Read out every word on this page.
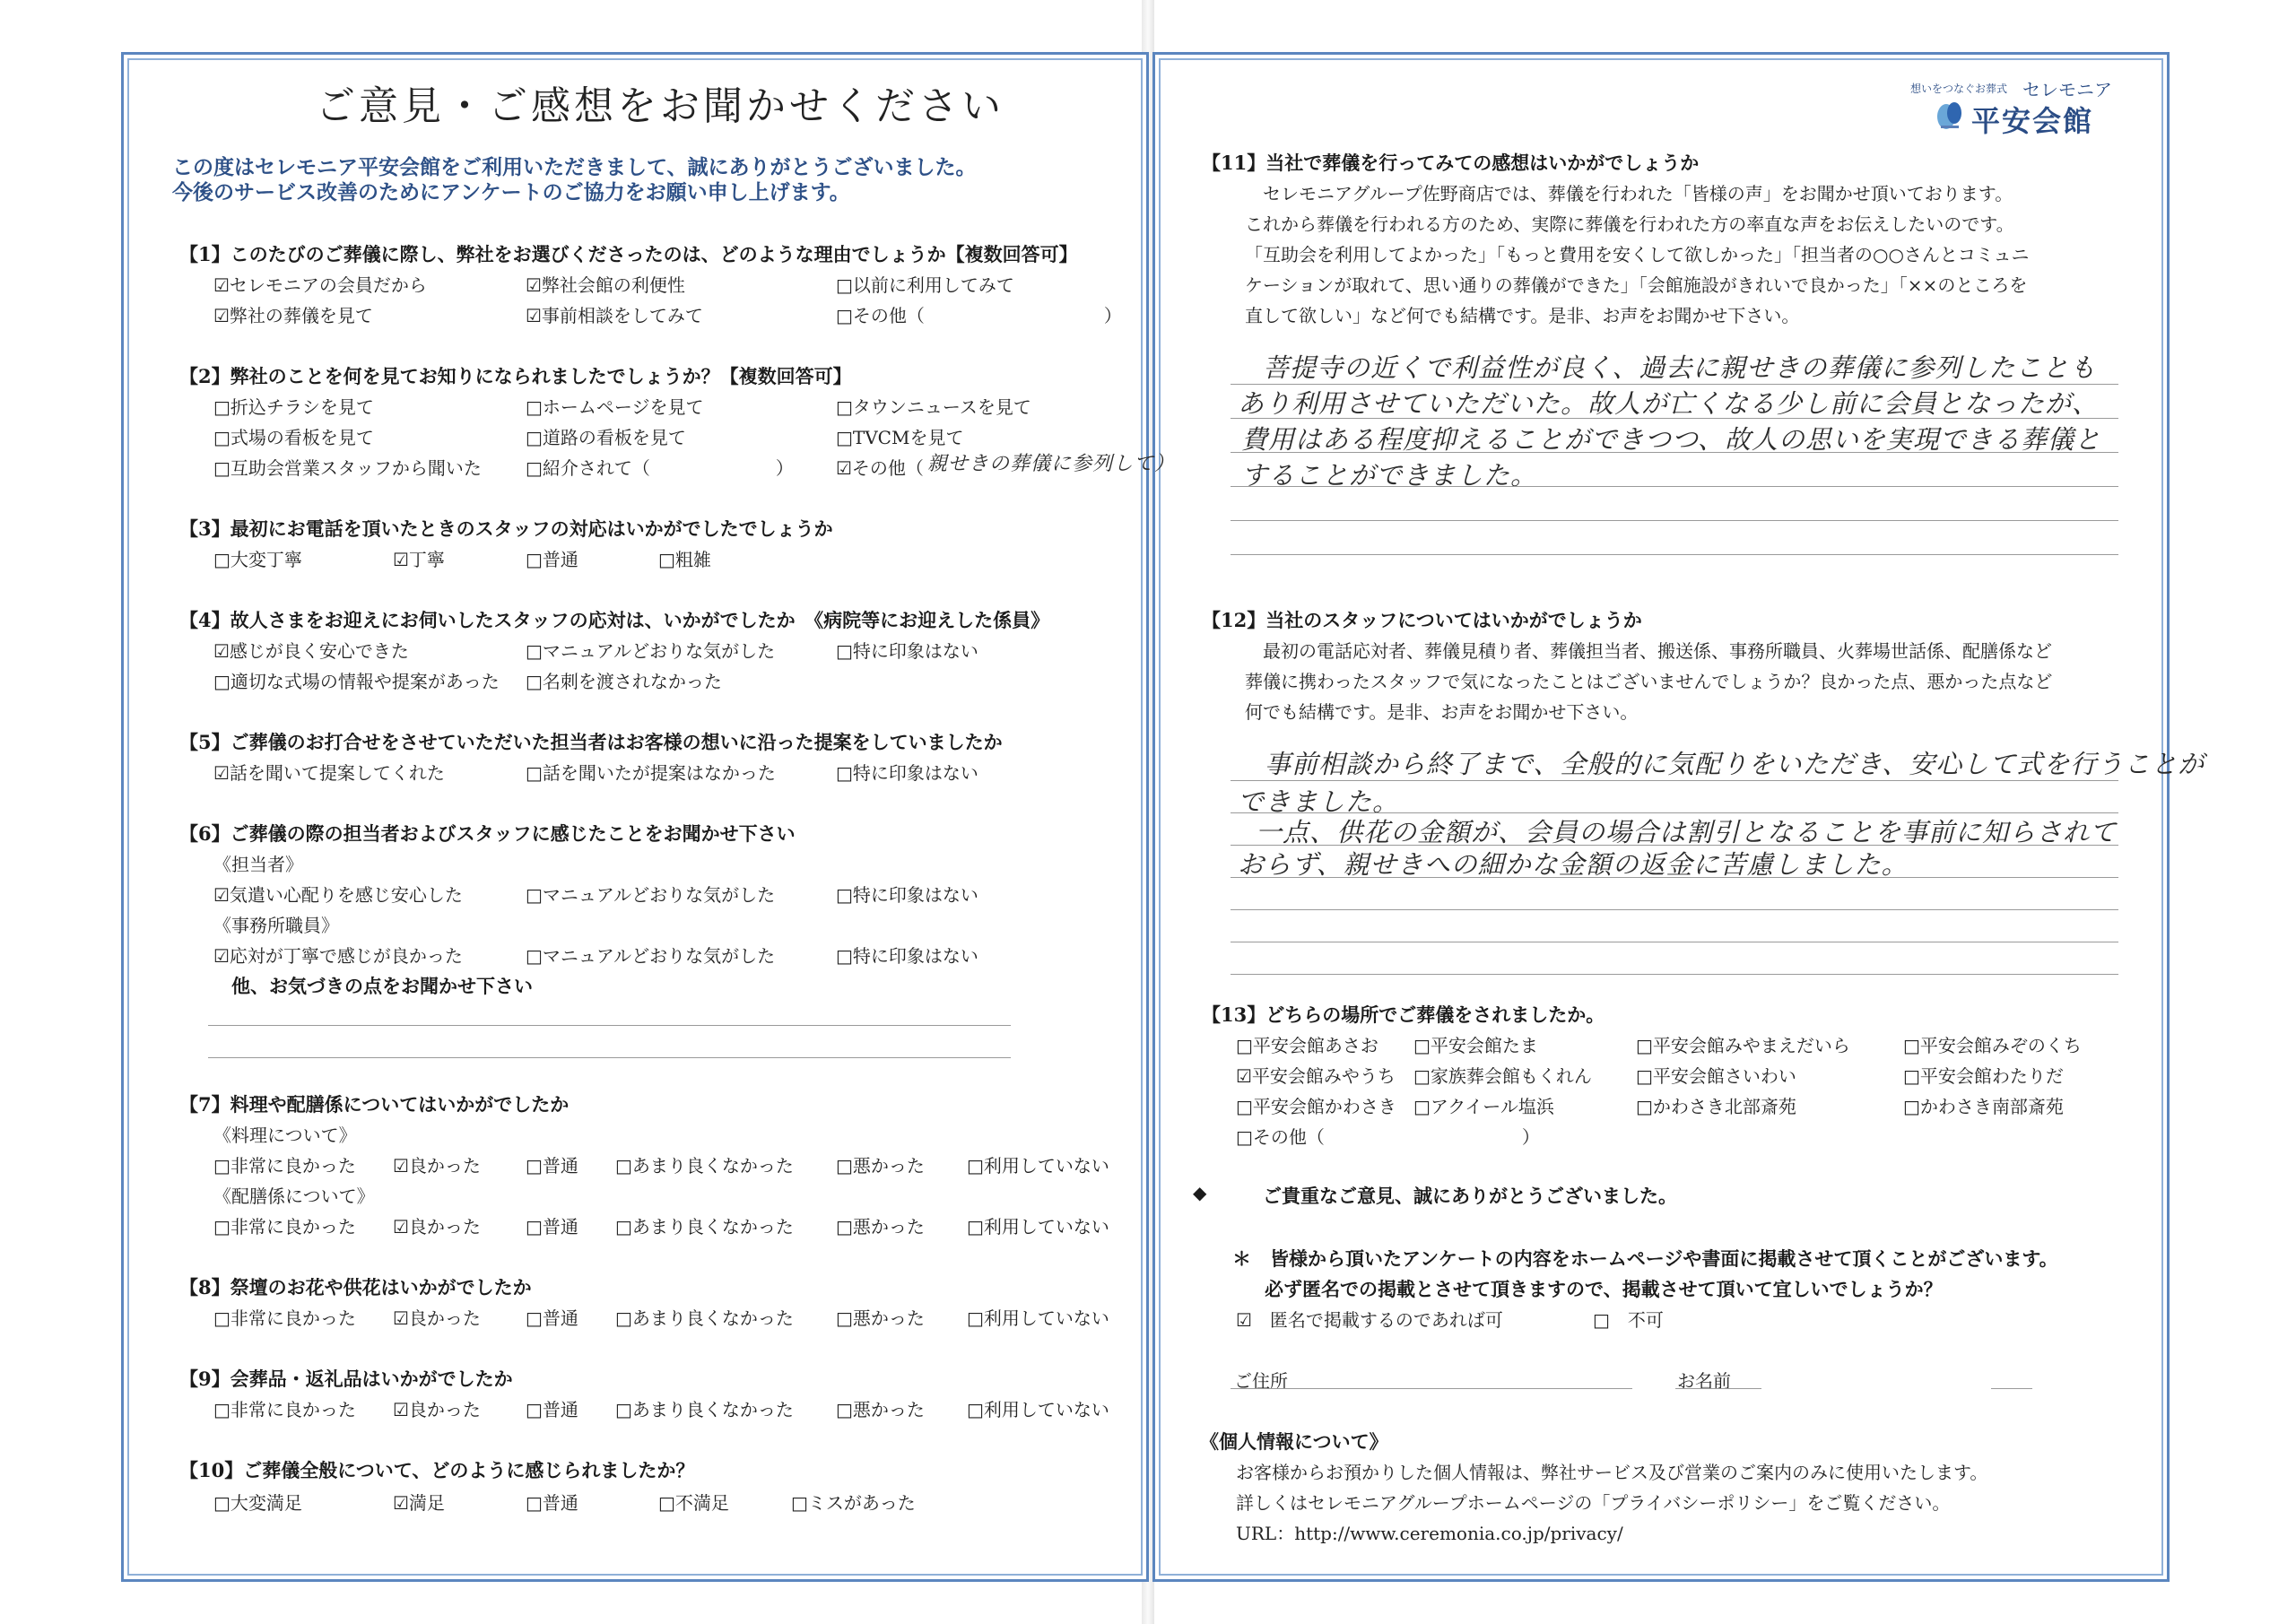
ご意見・ご感想をお聞かせください
この度はセレモニア平安会館をご利用いただきまして、誠にありがとうございました。
今後のサービス改善のためにアンケートのご協力をお願い申し上げます。
【1】このたびのご葬儀に際し、弊社をお選びくださったのは、どのような理由でしょうか【複数回答可】
☑セレモニアの会員だから	☑弊社会館の利便性	□以前に利用してみて
☑弊社の葬儀を見て	☑事前相談をしてみて	□その他（　　　　　　　　　　）
【2】弊社のことを何を見てお知りになられましたでしょうか？【複数回答可】
□折込チラシを見て	□ホームページを見て	□タウンニュースを見て
□式場の看板を見て	□道路の看板を見て	□TVCMを見て
□互助会営業スタッフから聞いた □紹介されて（　　　　　　　） ☑その他（ 親せきの葬儀に参列して）
【3】最初にお電話を頂いたときのスタッフの対応はいかがでしたでしょうか
□大変丁寧	☑丁寧	□普通	□粗雑
【4】故人さまをお迎えにお伺いしたスタッフの応対は、いかがでしたか　《病院等にお迎えした係員》
☑感じが良く安心できた	□マニュアルどおりな気がした	□特に印象はない
□適切な式場の情報や提案があった □名刺を渡されなかった
【5】ご葬儀のお打合せをさせていただいた担当者はお客様の想いに沿った提案をしていましたか
☑話を聞いて提案してくれた	□話を聞いたが提案はなかった	□特に印象はない
【6】ご葬儀の際の担当者およびスタッフに感じたことをお聞かせ下さい
《担当者》
☑気遣い心配りを感じ安心した	□マニュアルどおりな気がした	□特に印象はない
《事務所職員》
☑応対が丁寧で感じが良かった	□マニュアルどおりな気がした	□特に印象はない
他、お気づきの点をお聞かせ下さい
【7】料理や配膳係についてはいかがでしたか
《料理について》
□非常に良かった ☑良かった	□普通 □あまり良くなかった □悪かった □利用していない
《配膳係について》
□非常に良かった ☑良かった	□普通 □あまり良くなかった □悪かった □利用していない
【8】祭壇のお花や供花はいかがでしたか
□非常に良かった ☑良かった	□普通 □あまり良くなかった □悪かった □利用していない
【9】会葬品・返礼品はいかがでしたか
□非常に良かった ☑良かった	□普通 □あまり良くなかった □悪かった □利用していない
【10】ご葬儀全般について、どのように感じられましたか？
□大変満足	☑満足	□普通	□不満足	□ミスがあった
想いをつなぐお葬式 セレモニア
平安会館
【11】当社で葬儀を行ってみての感想はいかがでしょうか
セレモニアグループ佐野商店では、葬儀を行われた「皆様の声」をお聞かせ頂いております。
これから葬儀を行われる方のため、実際に葬儀を行われた方の率直な声をお伝えしたいのです。
「互助会を利用してよかった」「もっと費用を安くして欲しかった」「担当者の○○さんとコミュニ
ケーションが取れて、思い通りの葬儀ができた」「会館施設がきれいで良かった」「××のところを
直して欲しい」など何でも結構です。是非、お声をお聞かせ下さい。
菩提寺の近くで利益性が良く、過去に親せきの葬儀に参列したことも
あり利用させていただいた。故人が亡くなる少し前に会員となったが、
費用はある程度抑えることができつつ、故人の思いを実現できる葬儀と
することができました。
【12】当社のスタッフについてはいかがでしょうか
最初の電話応対者、葬儀見積り者、葬儀担当者、搬送係、事務所職員、火葬場世話係、配膳係など
葬儀に携わったスタッフで気になったことはございませんでしょうか？良かった点、悪かった点など
何でも結構です。是非、お声をお聞かせ下さい。
事前相談から終了まで、全般的に気配りをいただき、安心して式を行うことが
できました。
一点、供花の金額が、会員の場合は割引となることを事前に知らされて
おらず、親せきへの細かな金額の返金に苦慮しました。
【13】どちらの場所でご葬儀をされましたか。
□平安会館あさお □平安会館たま	□平安会館みやまえだいら	□平安会館みぞのくち
☑平安会館みやうち □家族葬会館もくれん □平安会館さいわい	□平安会館わたりだ
□平安会館かわさき □アクイール塩浜	□かわさき北部斎苑	□かわさき南部斎苑
□その他（　　　　　　　　　　　）
◆	ご貴重なご意見、誠にありがとうございました。
＊　皆様から頂いたアンケートの内容をホームページや書面に掲載させて頂くことがございます。
必ず匿名での掲載とさせて頂きますので、掲載させて頂いて宜しいでしょうか？
☑　匿名で掲載するのであれば可	□　不可
ご住所	お名前
《個人情報について》
お客様からお預かりした個人情報は、弊社サービス及び営業のご案内のみに使用いたします。
詳しくはセレモニアグループホームページの「プライバシーポリシー」をご覧ください。
URL：http://www.ceremonia.co.jp/privacy/
